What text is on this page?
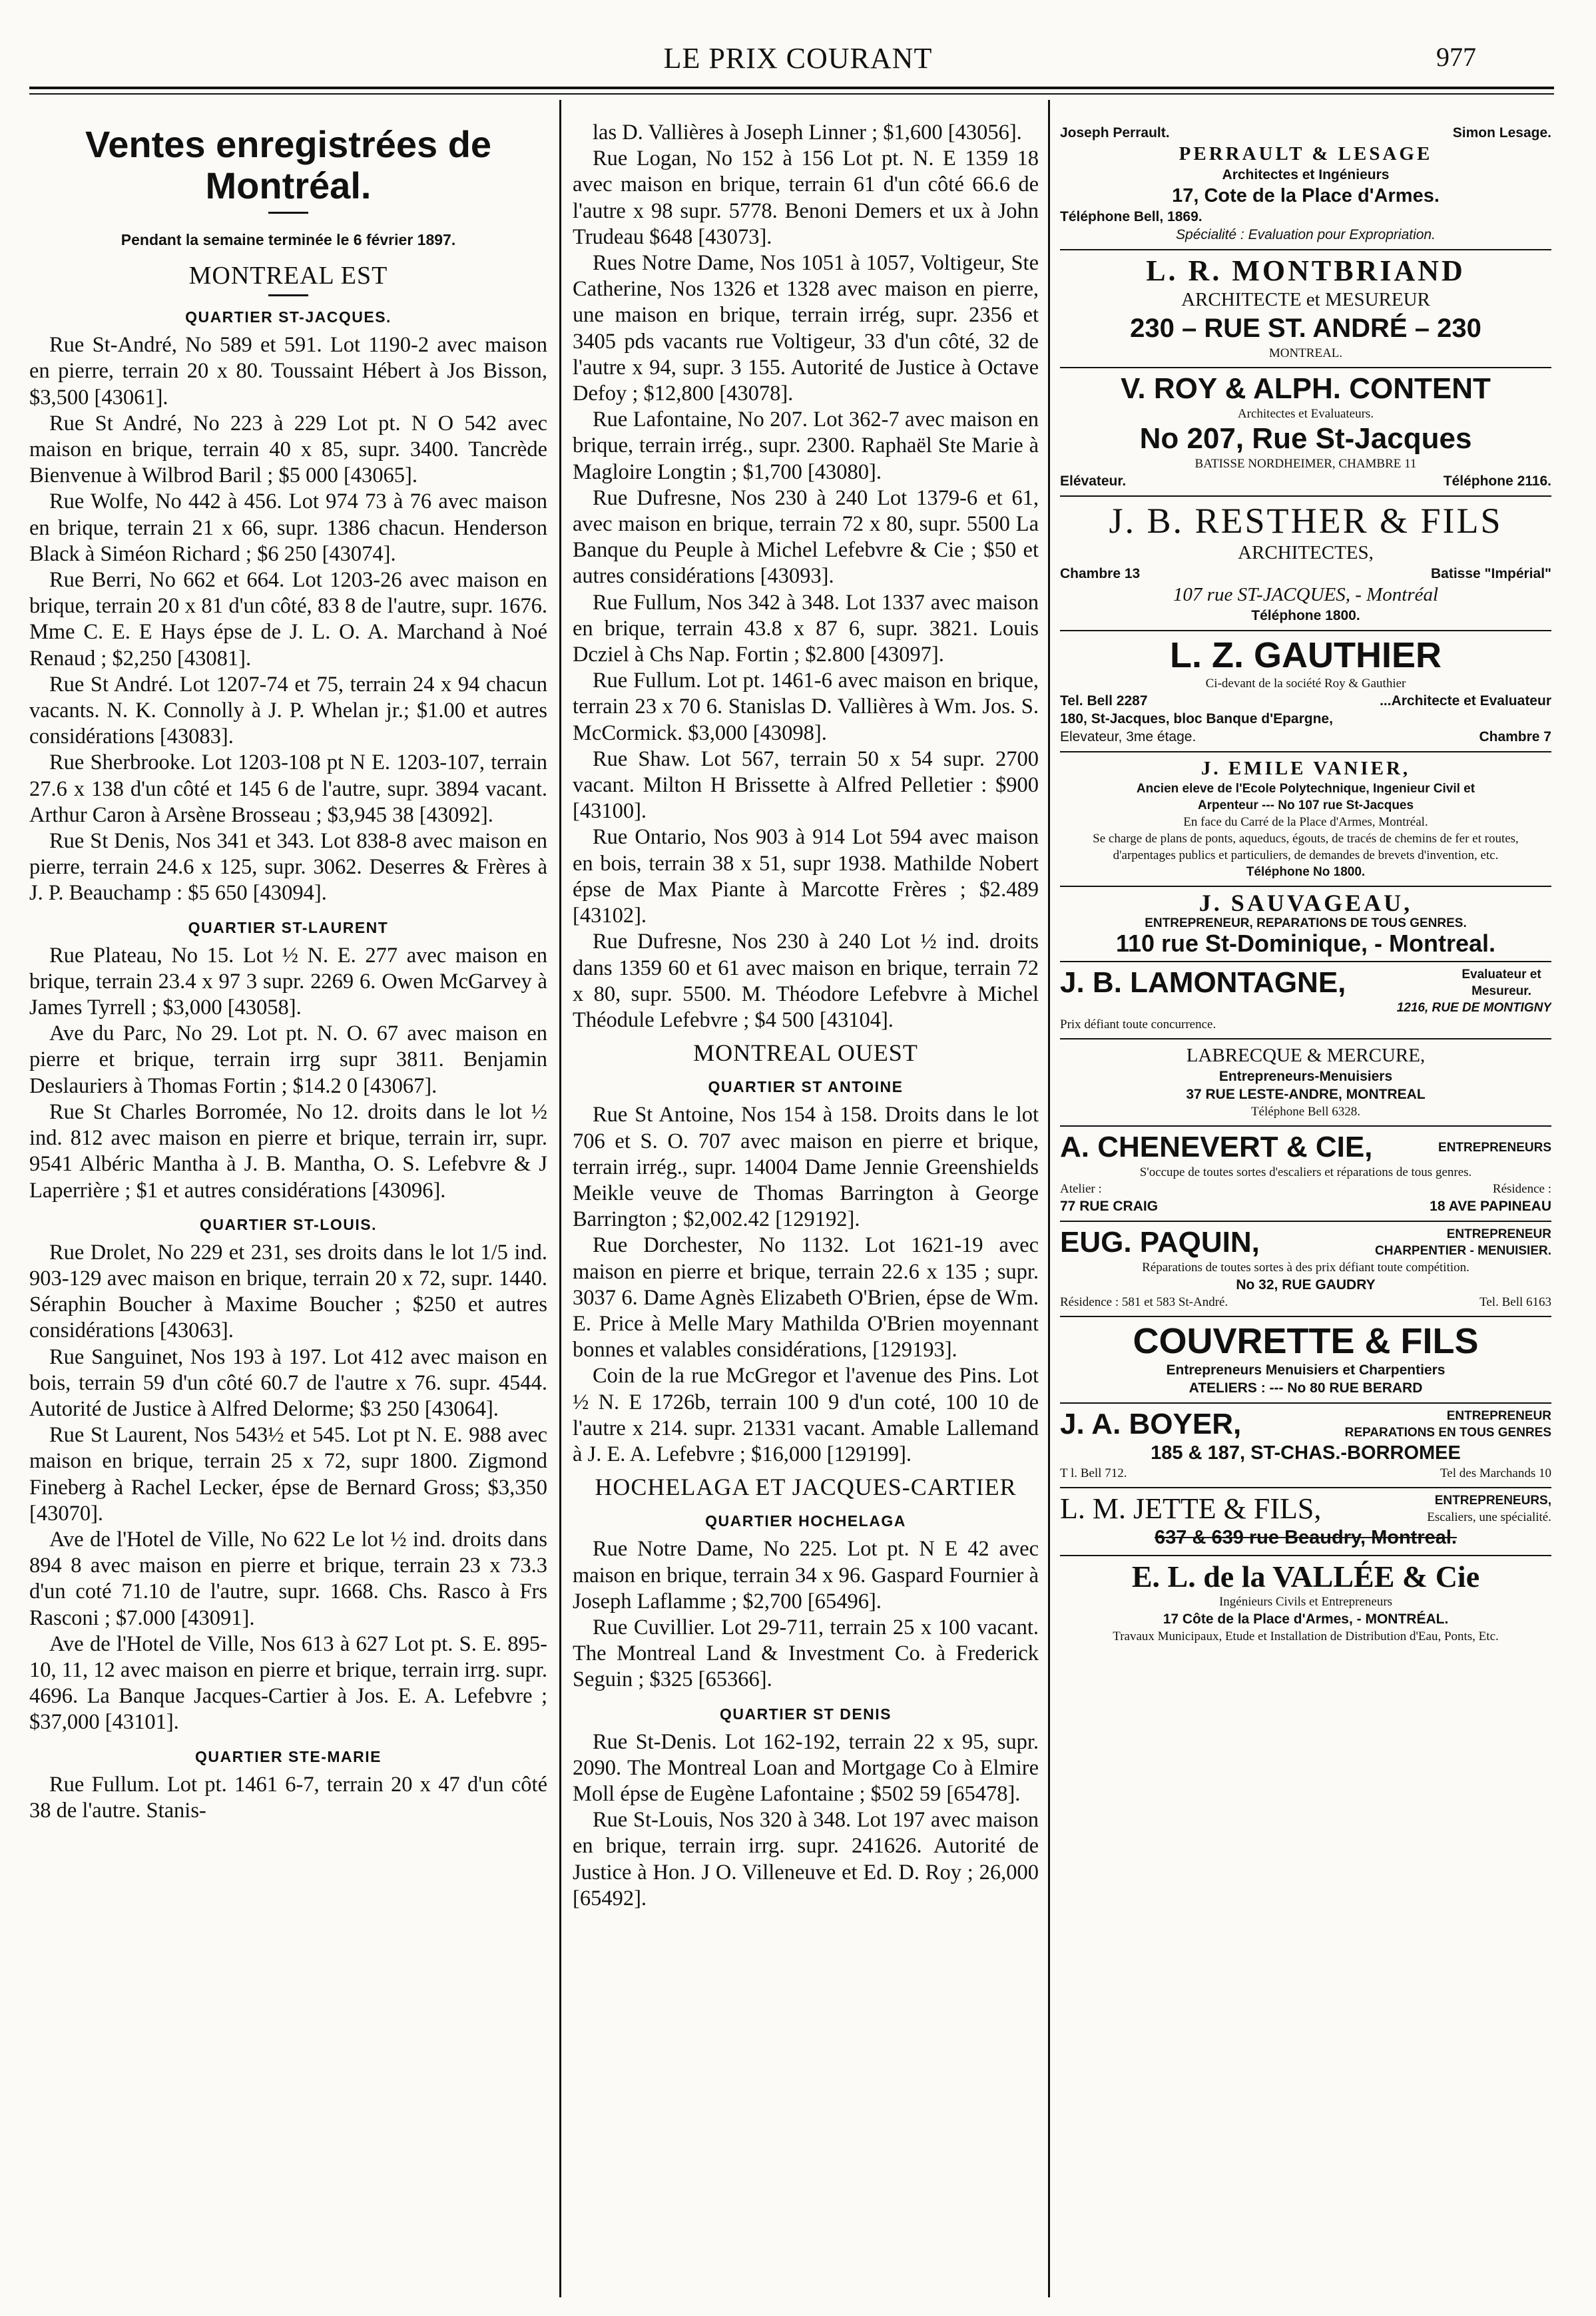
LE PRIX COURANT	977

Ventes enregistrées de Montréal.

Pendant la semaine terminée le 6 février 1897.

MONTREAL EST

QUARTIER ST-JACQUES.

Rue St-André, No 589 et 591. Lot 1190-2 avec maison en pierre, terrain 20 x 80. Toussaint Hébert à Jos Bisson, $3,500 [43061].

Rue St André, No 223 à 229 Lot pt. N O 542 avec maison en brique, terrain 40 x 85, supr. 3400. Tancrède Bienvenue à Wilbrod Baril ; $5 000 [43065].

Rue Wolfe, No 442 à 456. Lot 974 73 à 76 avec maison en brique, terrain 21 x 66, supr. 1386 chacun. Henderson Black à Siméon Richard ; $6 250 [43074].

Rue Berri, No 662 et 664. Lot 1203-26 avec maison en brique, terrain 20 x 81 d'un côté, 83 8 de l'autre, supr. 1676. Mme C. E. E Hays épse de J. L. O. A. Marchand à Noé Renaud ; $2,250 [43081].

Rue St André. Lot 1207-74 et 75, terrain 24 x 94 chacun vacants. N. K. Connolly à J. P. Whelan jr.; $1.00 et autres considérations [43083].

Rue Sherbrooke. Lot 1203-108 pt N E. 1203-107, terrain 27.6 x 138 d'un côté et 145 6 de l'autre, supr. 3894 vacant. Arthur Caron à Arsène Brosseau ; $3,945 38 [43092].

Rue St Denis, Nos 341 et 343. Lot 838-8 avec maison en pierre, terrain 24.6 x 125, supr. 3062. Deserres & Frères à J. P. Beauchamp : $5 650 [43094].

QUARTIER ST-LAURENT

Rue Plateau, No 15. Lot ½ N. E. 277 avec maison en brique, terrain 23.4 x 97 3 supr. 2269 6. Owen McGarvey à James Tyrrell ; $3,000 [43058].

Ave du Parc, No 29. Lot pt. N. O. 67 avec maison en pierre et brique, terrain irrg supr 3811. Benjamin Deslauriers à Thomas Fortin ; $14.2 0 [43067].

Rue St Charles Borromée, No 12. droits dans le lot ½ ind. 812 avec maison en pierre et brique, terrain irr, supr. 9541 Albéric Mantha à J. B. Mantha, O. S. Lefebvre & J Laperrière ; $1 et autres considérations [43096].

QUARTIER ST-LOUIS.

Rue Drolet, No 229 et 231, ses droits dans le lot 1/5 ind. 903-129 avec maison en brique, terrain 20 x 72, supr. 1440. Séraphin Boucher à Maxime Boucher ; $250 et autres considérations [43063].

Rue Sanguinet, Nos 193 à 197. Lot 412 avec maison en bois, terrain 59 d'un côté 60.7 de l'autre x 76. supr. 4544. Autorité de Justice à Alfred Delorme; $3 250 [43064].

Rue St Laurent, Nos 543½ et 545. Lot pt N. E. 988 avec maison en brique, terrain 25 x 72, supr 1800. Zigmond Fineberg à Rachel Lecker, épse de Bernard Gross; $3,350 [43070].

Ave de l'Hotel de Ville, No 622 Le lot ½ ind. droits dans 894 8 avec maison en pierre et brique, terrain 23 x 73.3 d'un coté 71.10 de l'autre, supr. 1668. Chs. Rasco à Frs Rasconi ; $7.000 [43091].

Ave de l'Hotel de Ville, Nos 613 à 627 Lot pt. S. E. 895-10, 11, 12 avec maison en pierre et brique, terrain irrg. supr. 4696. La Banque Jacques-Cartier à Jos. E. A. Lefebvre ; $37,000 [43101].

QUARTIER STE-MARIE

Rue Fullum. Lot pt. 1461 6-7, terrain 20 x 47 d'un côté 38 de l'autre. Stanis-

las D. Vallières à Joseph Linner ; $1,600 [43056].

Rue Logan, No 152 à 156 Lot pt. N. E 1359 18 avec maison en brique, terrain 61 d'un côté 66.6 de l'autre x 98 supr. 5778. Benoni Demers et ux à John Trudeau $648 [43073].

Rues Notre Dame, Nos 1051 à 1057, Voltigeur, Ste Catherine, Nos 1326 et 1328 avec maison en pierre, une maison en brique, terrain irrég, supr. 2356 et 3405 pds vacants rue Voltigeur, 33 d'un côté, 32 de l'autre x 94, supr. 3 155. Autorité de Justice à Octave Defoy ; $12,800 [43078].

Rue Lafontaine, No 207. Lot 362-7 avec maison en brique, terrain irrég., supr. 2300. Raphaël Ste Marie à Magloire Longtin ; $1,700 [43080].

Rue Dufresne, Nos 230 à 240 Lot 1379-6 et 61, avec maison en brique, terrain 72 x 80, supr. 5500 La Banque du Peuple à Michel Lefebvre & Cie ; $50 et autres considérations [43093].

Rue Fullum, Nos 342 à 348. Lot 1337 avec maison en brique, terrain 43.8 x 87 6, supr. 3821. Louis Dcziel à Chs Nap. Fortin ; $2.800 [43097].

Rue Fullum. Lot pt. 1461-6 avec maison en brique, terrain 23 x 70 6. Stanislas D. Vallières à Wm. Jos. S. McCormick. $3,000 [43098].

Rue Shaw. Lot 567, terrain 50 x 54 supr. 2700 vacant. Milton H Brissette à Alfred Pelletier : $900 [43100].

Rue Ontario, Nos 903 à 914 Lot 594 avec maison en bois, terrain 38 x 51, supr 1938. Mathilde Nobert épse de Max Piante à Marcotte Frères ; $2.489 [43102].

Rue Dufresne, Nos 230 à 240 Lot ½ ind. droits dans 1359 60 et 61 avec maison en brique, terrain 72 x 80, supr. 5500. M. Théodore Lefebvre à Michel Théodule Lefebvre ; $4 500 [43104].

MONTREAL OUEST

QUARTIER ST ANTOINE

Rue St Antoine, Nos 154 à 158. Droits dans le lot 706 et S. O. 707 avec maison en pierre et brique, terrain irrég., supr. 14004 Dame Jennie Greenshields Meikle veuve de Thomas Barrington à George Barrington ; $2,002.42 [129192].

Rue Dorchester, No 1132. Lot 1621-19 avec maison en pierre et brique, terrain 22.6 x 135 ; supr. 3037 6. Dame Agnès Elizabeth O'Brien, épse de Wm. E. Price à Melle Mary Mathilda O'Brien moyennant bonnes et valables considérations, [129193].

Coin de la rue McGregor et l'avenue des Pins. Lot ½ N. E 1726b, terrain 100 9 d'un coté, 100 10 de l'autre x 214. supr. 21331 vacant. Amable Lallemand à J. E. A. Lefebvre ; $16,000 [129199].

HOCHELAGA ET JACQUES-CARTIER

QUARTIER HOCHELAGA

Rue Notre Dame, No 225. Lot pt. N E 42 avec maison en brique, terrain 34 x 96. Gaspard Fournier à Joseph Laflamme ; $2,700 [65496].

Rue Cuvillier. Lot 29-711, terrain 25 x 100 vacant. The Montreal Land & Investment Co. à Frederick Seguin ; $325 [65366].

QUARTIER ST DENIS

Rue St-Denis. Lot 162-192, terrain 22 x 95, supr. 2090. The Montreal Loan and Mortgage Co à Elmire Moll épse de Eugène Lafontaine ; $502 59 [65478].

Rue St-Louis, Nos 320 à 348. Lot 197 avec maison en brique, terrain irrg. supr. 241626. Autorité de Justice à Hon. J O. Villeneuve et Ed. D. Roy ; 26,000 [65492].

Joseph Perrault.	Simon Lesage.
PERRAULT & LESAGE
Architectes et Ingénieurs
17, Cote de la Place d'Armes.
Téléphone Bell, 1869.
Spécialité : Evaluation pour Expropriation.
L. R. MONTBRIAND
ARCHITECTE et MESUREUR
230 – RUE ST. ANDRÉ – 230
MONTREAL.
V. ROY & ALPH. CONTENT
Architectes et Evaluateurs.
No 207, Rue St-Jacques
BATISSE NORDHEIMER, CHAMBRE 11
Elévateur.	Téléphone 2116.
J. B. RESTHER & FILS
ARCHITECTES,
Chambre 13	Batisse "Impérial"
107 rue ST-JACQUES, - Montréal
Téléphone 1800.
L. Z. GAUTHIER
Ci-devant de la société Roy & Gauthier
Tel. Bell 2287	...Architecte et Evaluateur
180, St-Jacques, bloc Banque d'Epargne,
Elevateur, 3me étage.	Chambre 7
J. EMILE VANIER,
Ancien eleve de l'Ecole Polytechnique, Ingenieur Civil et
Arpenteur --- No 107 rue St-Jacques
En face du Carré de la Place d'Armes, Montréal.
Se charge de plans de ponts, aqueducs, égouts, de tracés de chemins de fer et routes, d'arpentages publics et particuliers, de demandes de brevets d'invention, etc.
Téléphone No 1800.
J. SAUVAGEAU,
ENTREPRENEUR, REPARATIONS DE TOUS GENRES.
110 rue St-Dominique, - Montreal.
J. B. LAMONTAGNE,	Evaluateur et Mesureur.
1216, RUE DE MONTIGNY
Prix défiant toute concurrence.
LABRECQUE & MERCURE,
Entrepreneurs-Menuisiers
37 RUE LESTE-ANDRE, MONTREAL
Téléphone Bell 6328.
A. CHENEVERT & CIE,	ENTREPRENEURS
S'occupe de toutes sortes d'escaliers et réparations de tous genres.
Atelier :	Résidence :
77 RUE CRAIG	18 AVE PAPINEAU
EUG. PAQUIN,	ENTREPRENEUR
CHARPENTIER - MENUISIER.
Réparations de toutes sortes à des prix défiant toute compétition.
No 32, RUE GAUDRY
Résidence : 581 et 583 St-André.	Tel. Bell 6163
COUVRETTE & FILS
Entrepreneurs Menuisiers et Charpentiers
ATELIERS : --- No 80 RUE BERARD
J. A. BOYER,	ENTREPRENEUR
REPARATIONS EN TOUS GENRES
185 & 187, ST-CHAS.-BORROMEE
T l. Bell 712.	Tel des Marchands 10
L. M. JETTE & FILS,	ENTREPRENEURS,
Escaliers, une spécialité.
637 & 639 rue Beaudry, Montreal.
E. L. de la VALLÉE & Cie
Ingénieurs Civils et Entrepreneurs
17 Côte de la Place d'Armes, - MONTRÉAL.
Travaux Municipaux, Etude et Installation de Distribution d'Eau, Ponts, Etc.
